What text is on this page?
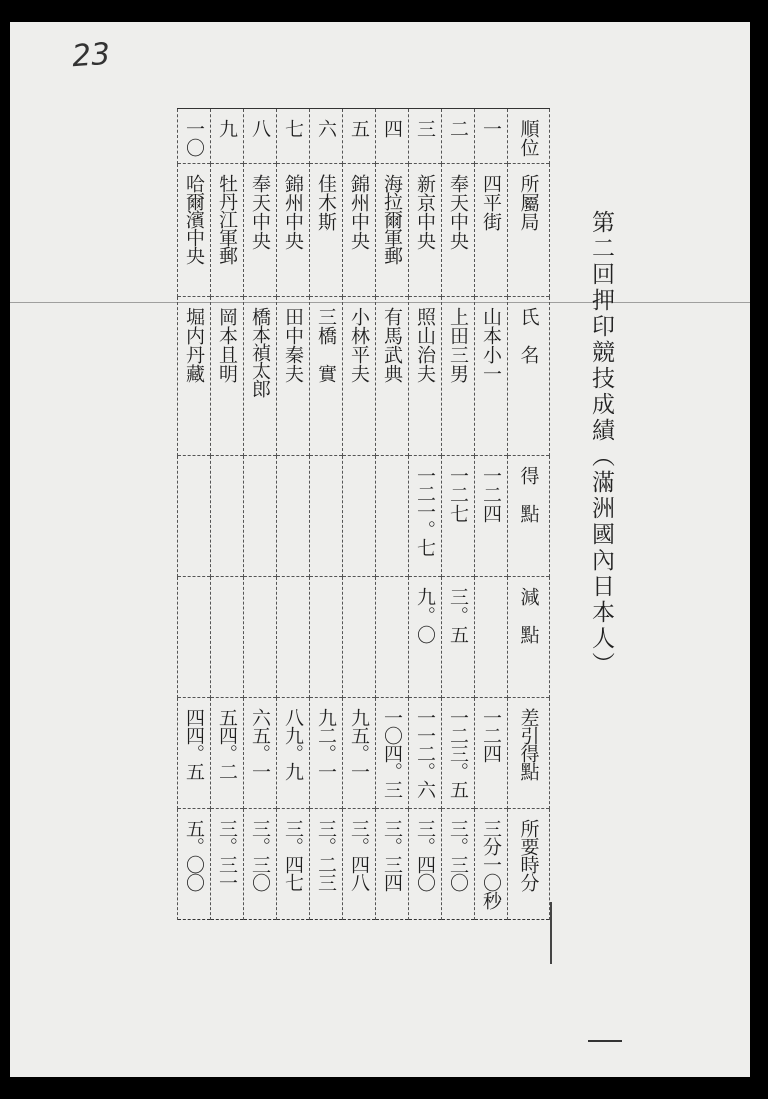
23
第二回押印競技成績（滿洲國內日本人）
一〇	九	八	七	六	五	四	三	二	一	順位

哈爾濱中央	牡丹江軍郵	奉天中央	錦州中央	佳木斯	錦州中央	海拉爾軍郵	新京中央	奉天中央	四平街	所屬局

堀内丹藏	岡本且明	橋本禎太郎	田中秦夫	三橋　實	小林平夫	有馬武典	照山治夫	上田三男	山本小一	氏　名

							一二一。七	一二七	一二四	得　點

							九。〇	三。五		減　點

四四。五	五四。二	六五。一	八九。九	九二。一	九五。一	一〇四。三	一一二。六	一二三。五	一二四	差引得點

五。〇〇	三。三一	三。三〇	三。四七	三。二三	三。四八	三。三四	三。四〇	三。三〇	三分一〇秒	所要時分
